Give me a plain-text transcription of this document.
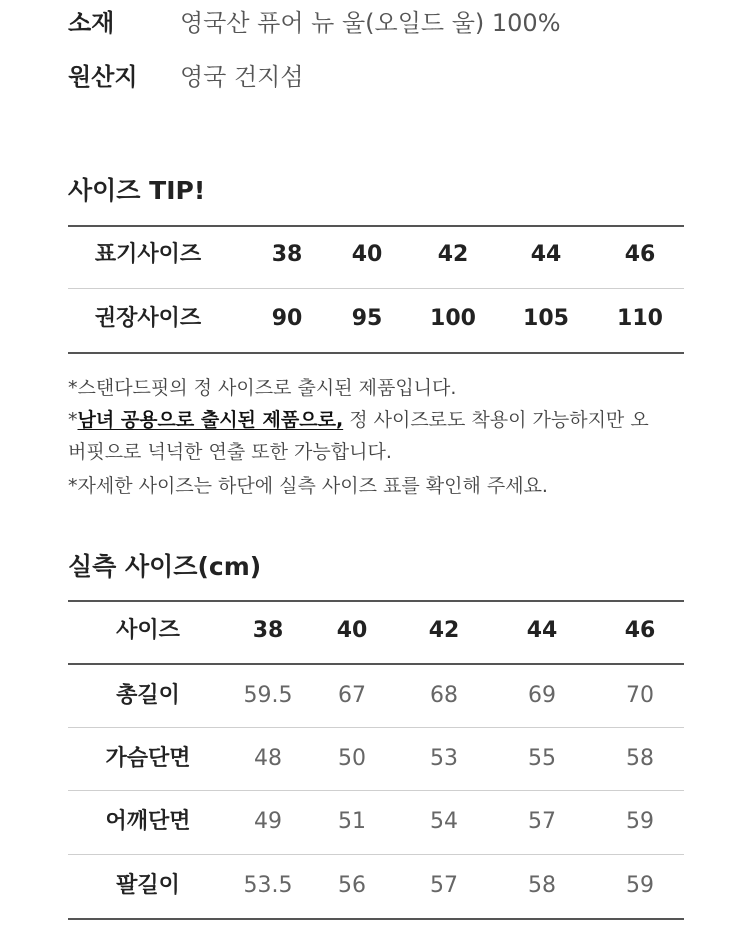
소재	영국산 퓨어 뉴 울(오일드 울) 100%
원산지 영국 건지섬
사이즈 TIP!
표기사이즈	38 40	42	44	46
권장사이즈	90 95 100 105 110
*스탠다드핏의 정 사이즈로 출시된 제품입니다.
*남녀 공용으로 출시된 제품으로, 정 사이즈로도 착용이 가능하지만 오
버핏으로 넉넉한 연출 또한 가능합니다.
*자세한 사이즈는 하단에 실측 사이즈 표를 확인해 주세요.
실측 사이즈(cm)
사이즈	38 40	42	44	46
총길이	59.5 67	68	69	70
가슴단면	48	50	53	55	58
어깨단면	49	51	54	57	59
팔길이	53.5 56	57	58	59
